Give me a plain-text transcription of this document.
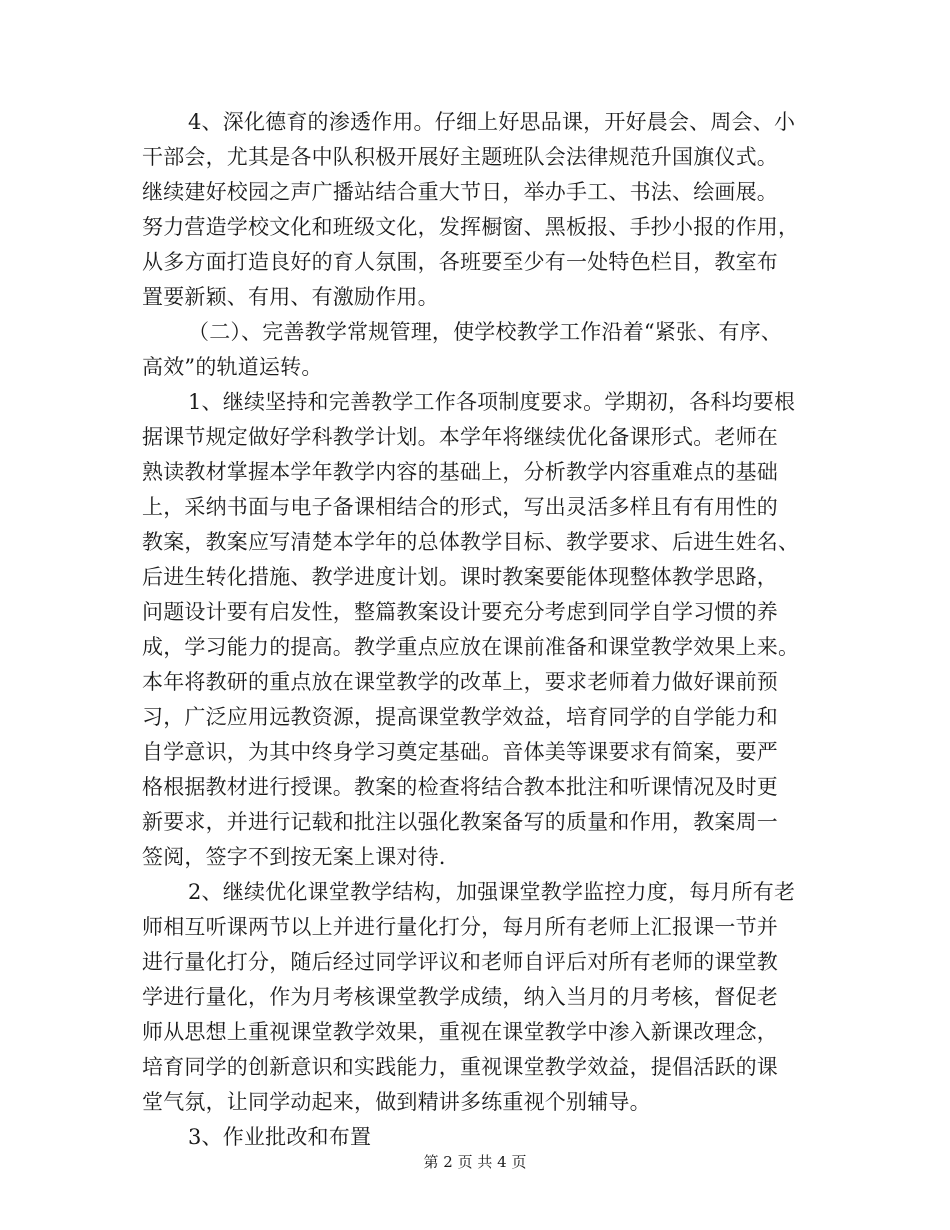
4、深化德育的渗透作用。仔细上好思品课，开好晨会、周会、小
干部会，尤其是各中队积极开展好主题班队会法律规范升国旗仪式。
继续建好校园之声广播站结合重大节日，举办手工、书法、绘画展。
努力营造学校文化和班级文化，发挥橱窗、黑板报、手抄小报的作用，
从多方面打造良好的育人氛围，各班要至少有一处特色栏目，教室布
置要新颖、有用、有激励作用。
（二）、完善教学常规管理，使学校教学工作沿着“紧张、有序、
高效”的轨道运转。
1、继续坚持和完善教学工作各项制度要求。学期初，各科均要根
据课节规定做好学科教学计划。本学年将继续优化备课形式。老师在
熟读教材掌握本学年教学内容的基础上，分析教学内容重难点的基础
上，采纳书面与电子备课相结合的形式，写出灵活多样且有有用性的
教案，教案应写清楚本学年的总体教学目标、教学要求、后进生姓名、
后进生转化措施、教学进度计划。课时教案要能体现整体教学思路，
问题设计要有启发性，整篇教案设计要充分考虑到同学自学习惯的养
成，学习能力的提高。教学重点应放在课前准备和课堂教学效果上来。
本年将教研的重点放在课堂教学的改革上，要求老师着力做好课前预
习，广泛应用远教资源，提高课堂教学效益，培育同学的自学能力和
自学意识，为其中终身学习奠定基础。音体美等课要求有简案，要严
格根据教材进行授课。教案的检查将结合教本批注和听课情况及时更
新要求，并进行记载和批注以强化教案备写的质量和作用，教案周一
签阅，签字不到按无案上课对待.
2、继续优化课堂教学结构，加强课堂教学监控力度，每月所有老
师相互听课两节以上并进行量化打分，每月所有老师上汇报课一节并
进行量化打分，随后经过同学评议和老师自评后对所有老师的课堂教
学进行量化，作为月考核课堂教学成绩，纳入当月的月考核，督促老
师从思想上重视课堂教学效果，重视在课堂教学中渗入新课改理念，
培育同学的创新意识和实践能力，重视课堂教学效益，提倡活跃的课
堂气氛，让同学动起来，做到精讲多练重视个别辅导。
3、作业批改和布置
第 2 页 共 4 页
